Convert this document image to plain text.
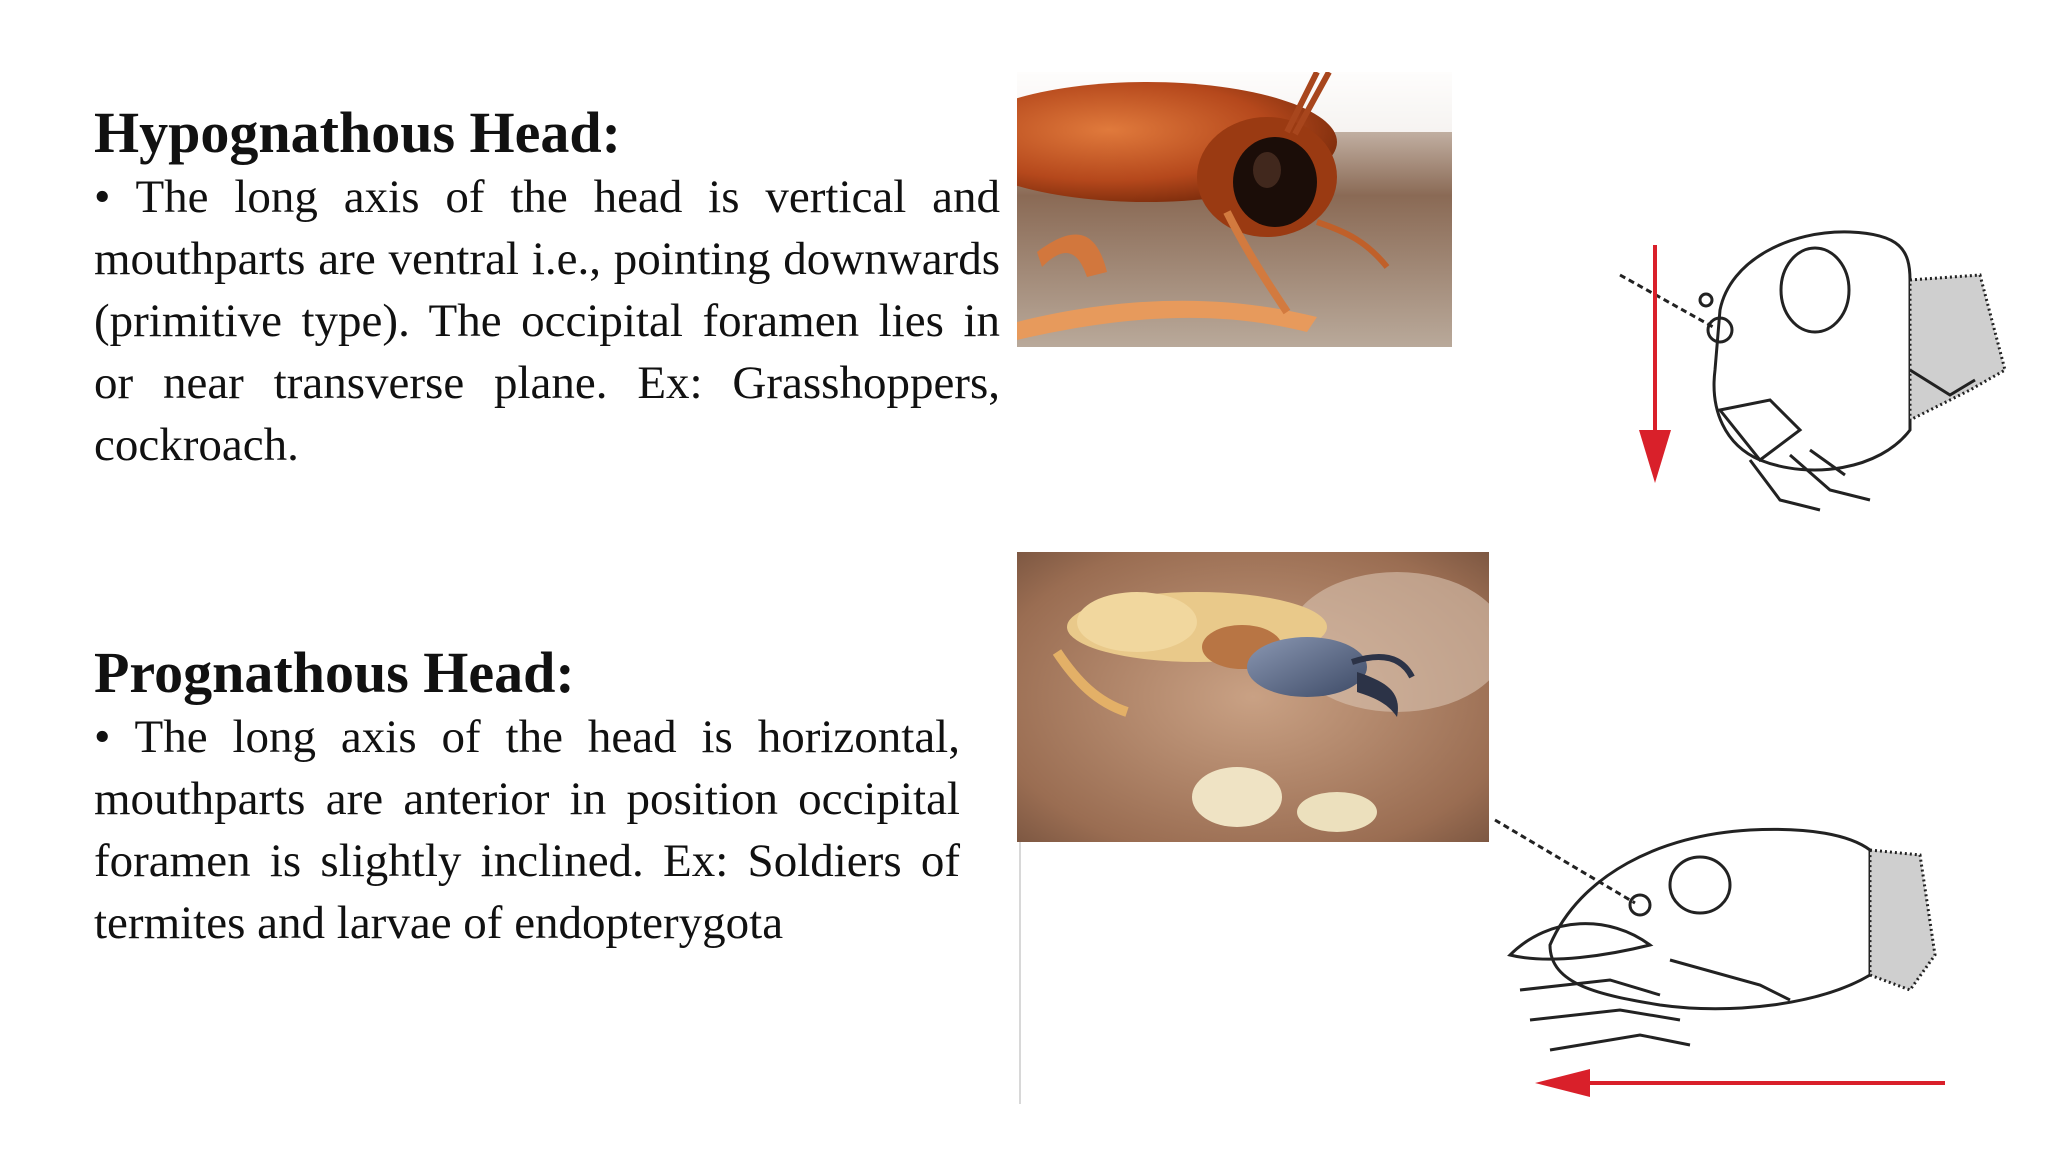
Hypognathous Head:

• The long axis of the head is vertical and mouthparts are ventral i.e., pointing downwards (primitive type). The occipital foramen lies in or near transverse plane. Ex: Grasshoppers, cockroach.

Prognathous Head:

• The long axis of the head is horizontal, mouthparts are anterior in position occipital foramen is slightly inclined. Ex: Soldiers of termites and larvae of endopterygota
